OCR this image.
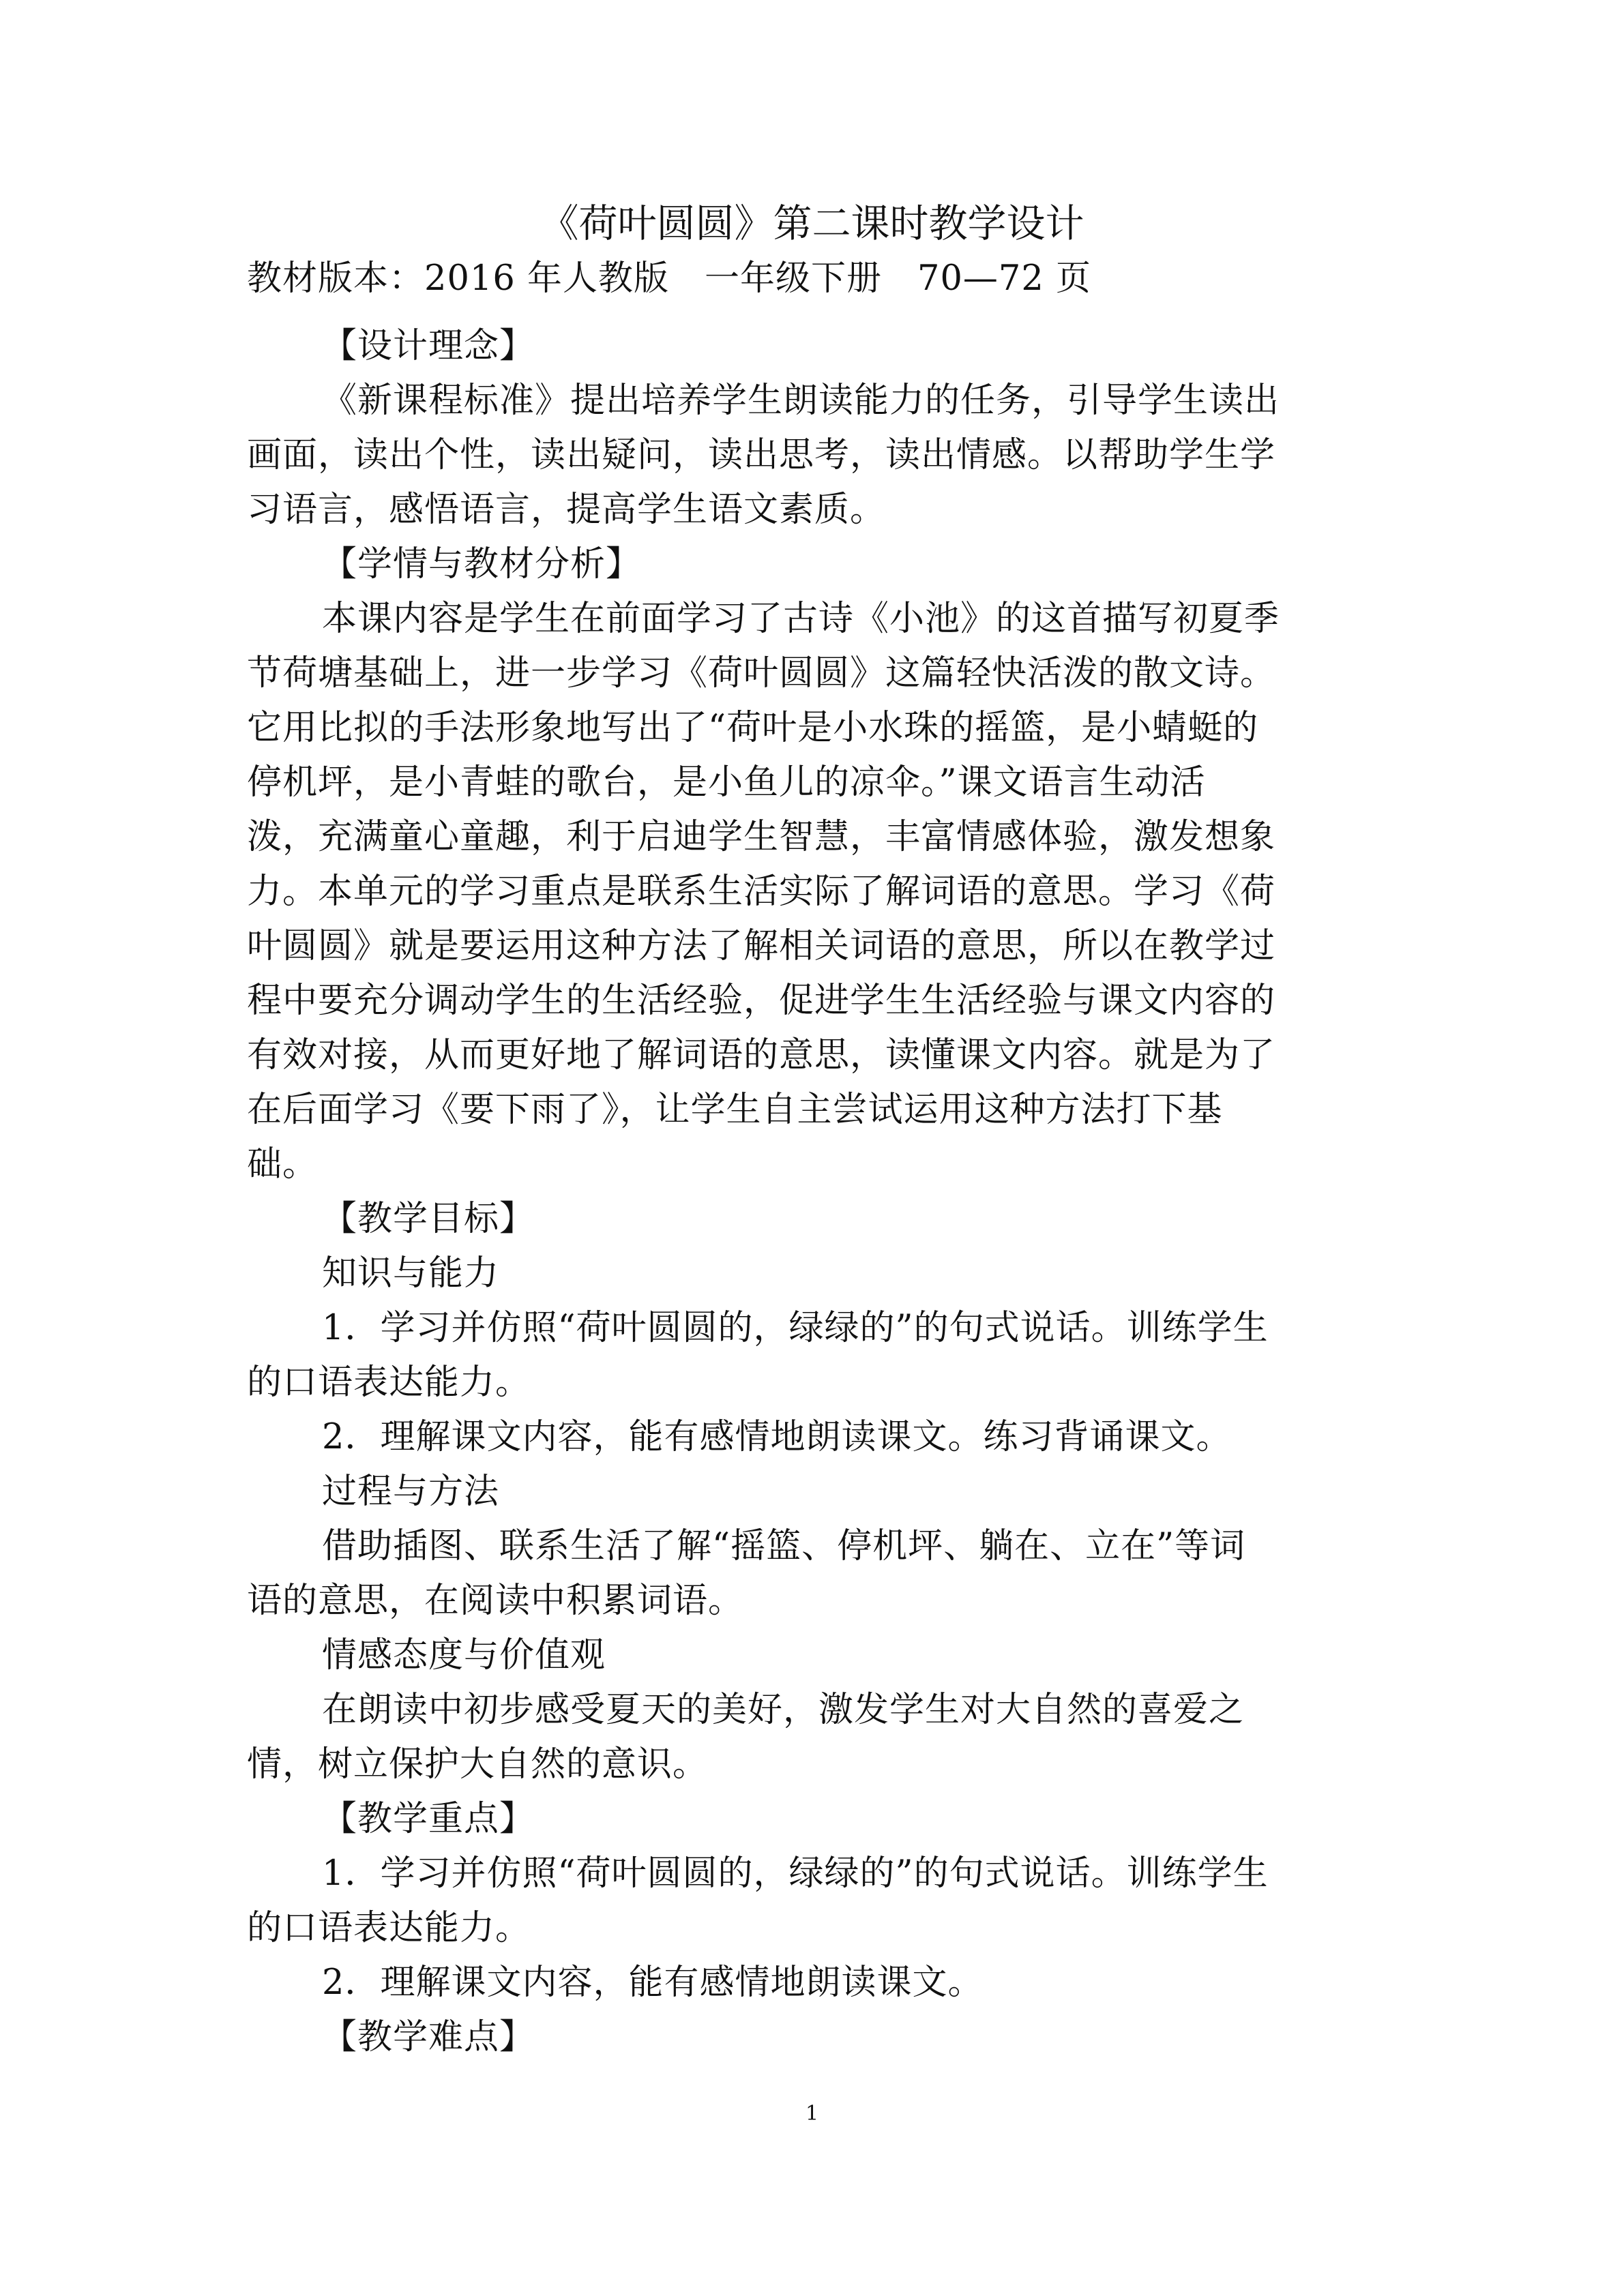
《荷叶圆圆》第二课时教学设计
教材版本：2016 年人教版　一年级下册　70—72 页
【设计理念】
《新课程标准》提出培养学生朗读能力的任务，引导学生读出
画面，读出个性，读出疑问，读出思考，读出情感。以帮助学生学
习语言，感悟语言，提高学生语文素质。
【学情与教材分析】
本课内容是学生在前面学习了古诗《小池》的这首描写初夏季
节荷塘基础上，进一步学习《荷叶圆圆》这篇轻快活泼的散文诗。
它用比拟的手法形象地写出了“荷叶是小水珠的摇篮，是小蜻蜓的
停机坪，是小青蛙的歌台，是小鱼儿的凉伞。”课文语言生动活
泼，充满童心童趣，利于启迪学生智慧，丰富情感体验，激发想象
力。本单元的学习重点是联系生活实际了解词语的意思。学习《荷
叶圆圆》就是要运用这种方法了解相关词语的意思，所以在教学过
程中要充分调动学生的生活经验，促进学生生活经验与课文内容的
有效对接，从而更好地了解词语的意思，读懂课文内容。就是为了
在后面学习《要下雨了》，让学生自主尝试运用这种方法打下基
础。
【教学目标】
知识与能力
1．学习并仿照“荷叶圆圆的，绿绿的”的句式说话。训练学生
的口语表达能力。
2．理解课文内容，能有感情地朗读课文。练习背诵课文。
过程与方法
借助插图、联系生活了解“摇篮、停机坪、躺在、立在”等词
语的意思，在阅读中积累词语。
情感态度与价值观
在朗读中初步感受夏天的美好，激发学生对大自然的喜爱之
情，树立保护大自然的意识。
【教学重点】
1．学习并仿照“荷叶圆圆的，绿绿的”的句式说话。训练学生
的口语表达能力。
2．理解课文内容，能有感情地朗读课文。
【教学难点】
1
